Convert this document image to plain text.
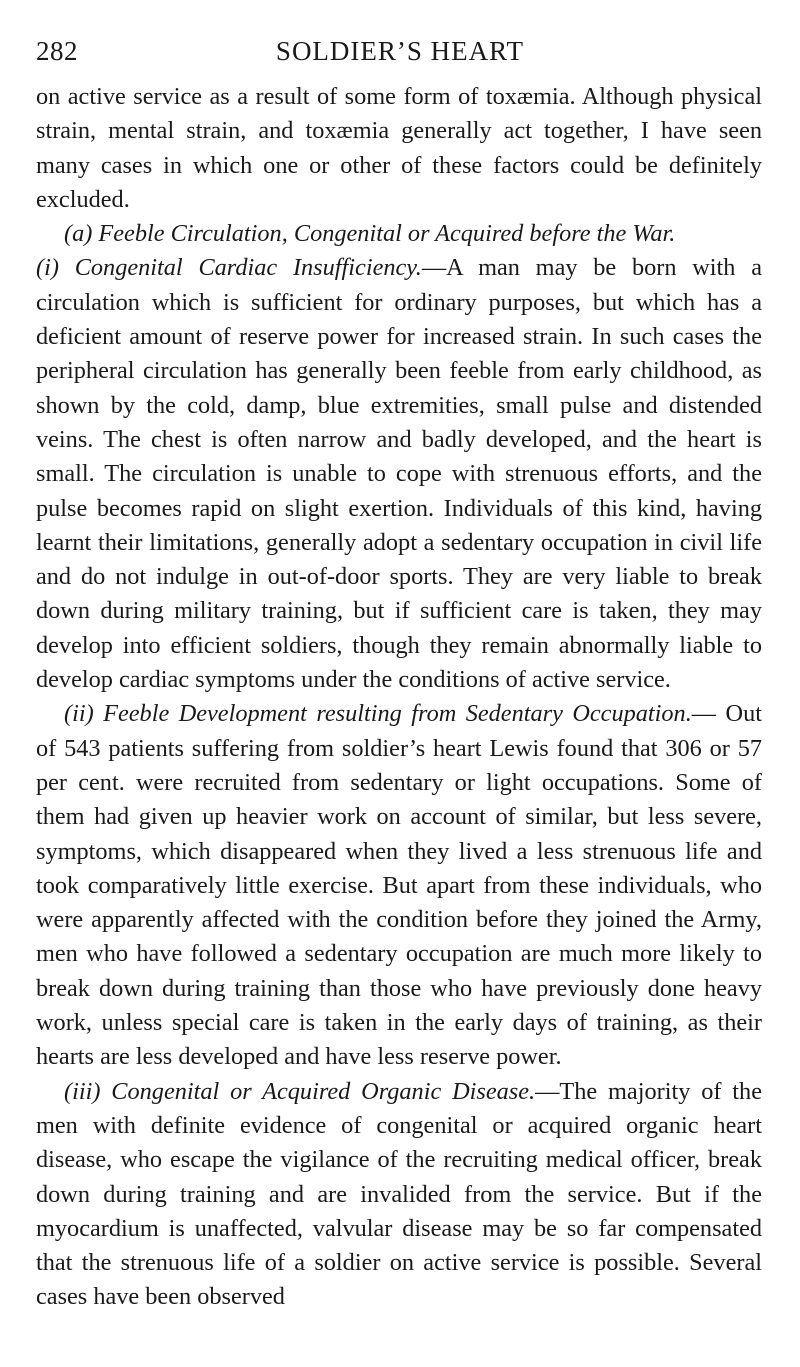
282	SOLDIER’S HEART

on active service as a result of some form of toxæmia. Although physical strain, mental strain, and toxæmia generally act together, I have seen many cases in which one or other of these factors could be definitely excluded.

(a) Feeble Circulation, Congenital or Acquired before the War.

(i) Congenital Cardiac Insufficiency.—A man may be born with a circulation which is sufficient for ordinary purposes, but which has a deficient amount of reserve power for increased strain. In such cases the peripheral circulation has generally been feeble from early childhood, as shown by the cold, damp, blue extremities, small pulse and distended veins. The chest is often narrow and badly developed, and the heart is small. The circulation is unable to cope with strenuous efforts, and the pulse becomes rapid on slight exertion. Individuals of this kind, having learnt their limitations, generally adopt a sedentary occupation in civil life and do not indulge in out-of-door sports. They are very liable to break down during military training, but if sufficient care is taken, they may develop into efficient soldiers, though they remain abnormally liable to develop cardiac symptoms under the conditions of active service.

(ii) Feeble Development resulting from Sedentary Occupation.— Out of 543 patients suffering from soldier’s heart Lewis found that 306 or 57 per cent. were recruited from sedentary or light occupations. Some of them had given up heavier work on account of similar, but less severe, symptoms, which disappeared when they lived a less strenuous life and took comparatively little exercise. But apart from these individuals, who were apparently affected with the condition before they joined the Army, men who have followed a sedentary occupation are much more likely to break down during training than those who have previously done heavy work, unless special care is taken in the early days of training, as their hearts are less developed and have less reserve power.

(iii) Congenital or Acquired Organic Disease.—The majority of the men with definite evidence of congenital or acquired organic heart disease, who escape the vigilance of the recruiting medical officer, break down during training and are invalided from the service. But if the myocardium is unaffected, valvular disease may be so far compensated that the strenuous life of a soldier on active service is possible. Several cases have been observed
